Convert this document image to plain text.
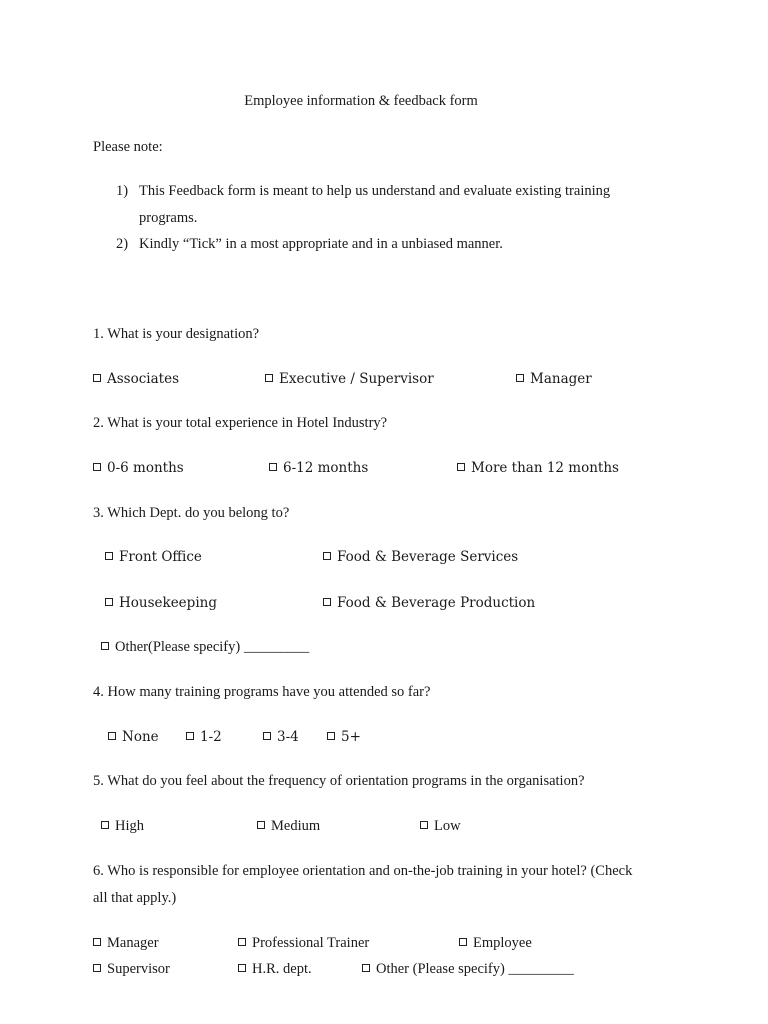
Employee information & feedback form
Please note:
1) This Feedback form is meant to help us understand and evaluate existing training
programs.
2) Kindly “Tick” in a most appropriate and in a unbiased manner.
1. What is your designation?
Associates	Executive / Supervisor	Manager
2. What is your total experience in Hotel Industry?
0-6 months	6-12 months	More than 12 months
3. Which Dept. do you belong to?
Front Office	Food & Beverage Services
Housekeeping	Food & Beverage Production
Other(Please specify) _________
4. How many training programs have you attended so far?
None	1-2	3-4	5+
5. What do you feel about the frequency of orientation programs in the organisation?
High	Medium	Low
6. Who is responsible for employee orientation and on-the-job training in your hotel? (Check
all that apply.)
Manager	Professional Trainer	Employee
Supervisor	H.R. dept.	Other (Please specify) _________
